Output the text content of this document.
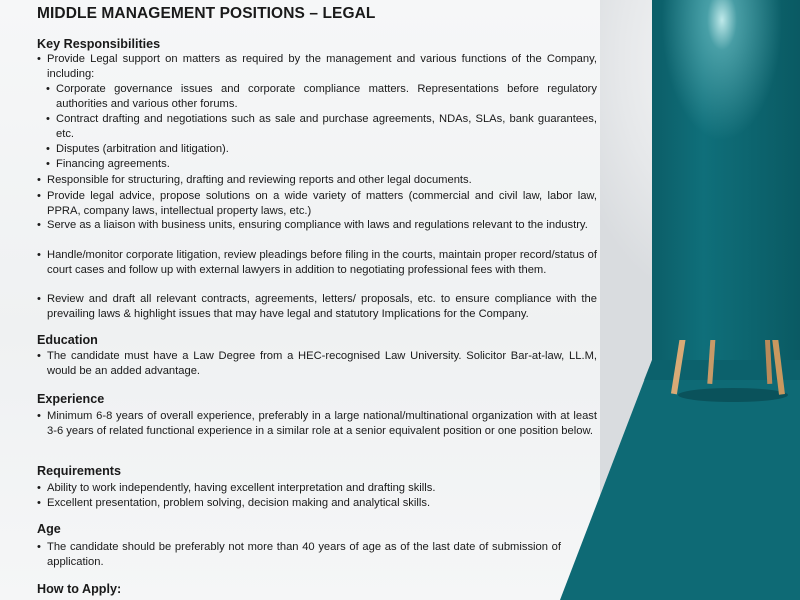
MIDDLE MANAGEMENT POSITIONS – LEGAL
Key Responsibilities
• Provide Legal support on matters as required by the management and various functions of the Company, including:
• Corporate governance issues and corporate compliance matters. Representations before regulatory authorities and various other forums.
• Contract drafting and negotiations such as sale and purchase agreements, NDAs, SLAs, bank guarantees, etc.
• Disputes (arbitration and litigation).
• Financing agreements.
• Responsible for structuring, drafting and reviewing reports and other legal documents.
• Provide legal advice, propose solutions on a wide variety of matters (commercial and civil law, labor law, PPRA, company laws, intellectual property laws, etc.)
• Serve as a liaison with business units, ensuring compliance with laws and regulations relevant to the industry.
• Handle/monitor corporate litigation, review pleadings before filing in the courts, maintain proper record/status of court cases and follow up with external lawyers in addition to negotiating professional fees with them.
• Review and draft all relevant contracts, agreements, letters/ proposals, etc. to ensure compliance with the prevailing laws & highlight issues that may have legal and statutory Implications for the Company.
Education
• The candidate must have a Law Degree from a HEC-recognised Law University. Solicitor Bar-at-law, LL.M, would be an added advantage.
Experience
• Minimum 6-8 years of overall experience, preferably in a large national/multinational organization with at least 3-6 years of related functional experience in a similar role at a senior equivalent position or one position below.
Requirements
• Ability to work independently, having excellent interpretation and drafting skills.
• Excellent presentation, problem solving, decision making and analytical skills.
Age
• The candidate should be preferably not more than 40 years of age as of the last date of submission of application.
How to Apply:
